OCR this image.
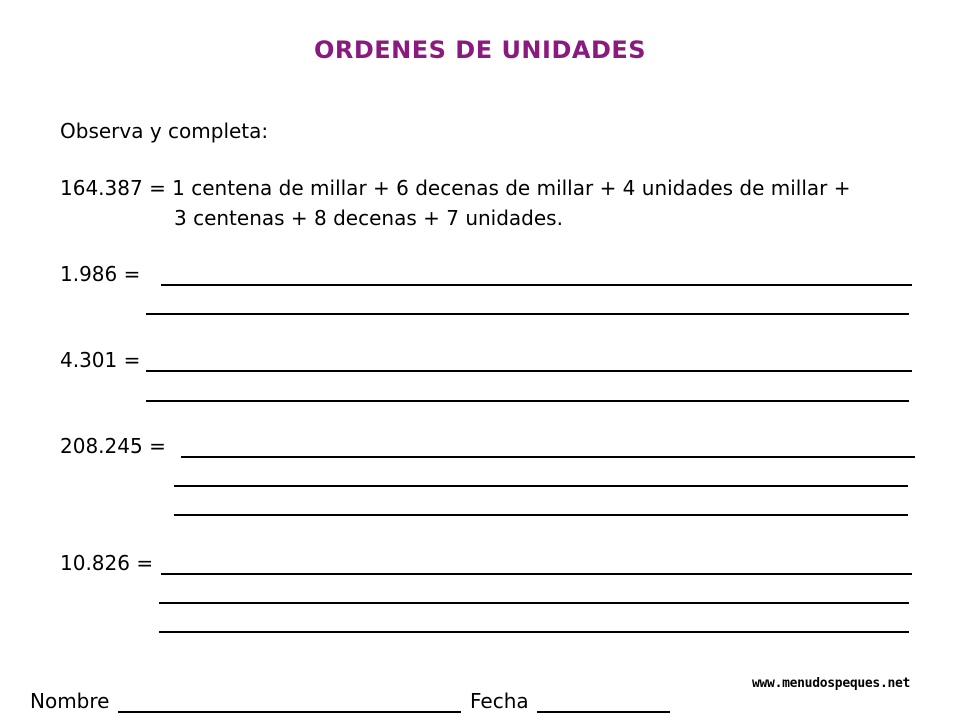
ORDENES DE UNIDADES
Observa y completa:
164.387 = 1 centena de millar + 6 decenas de millar + 4 unidades de millar +
3 centenas + 8 decenas + 7 unidades.
1.986 =
4.301 =
208.245 =
10.826 =
Nombre	Fecha
www.menudospeques.net
